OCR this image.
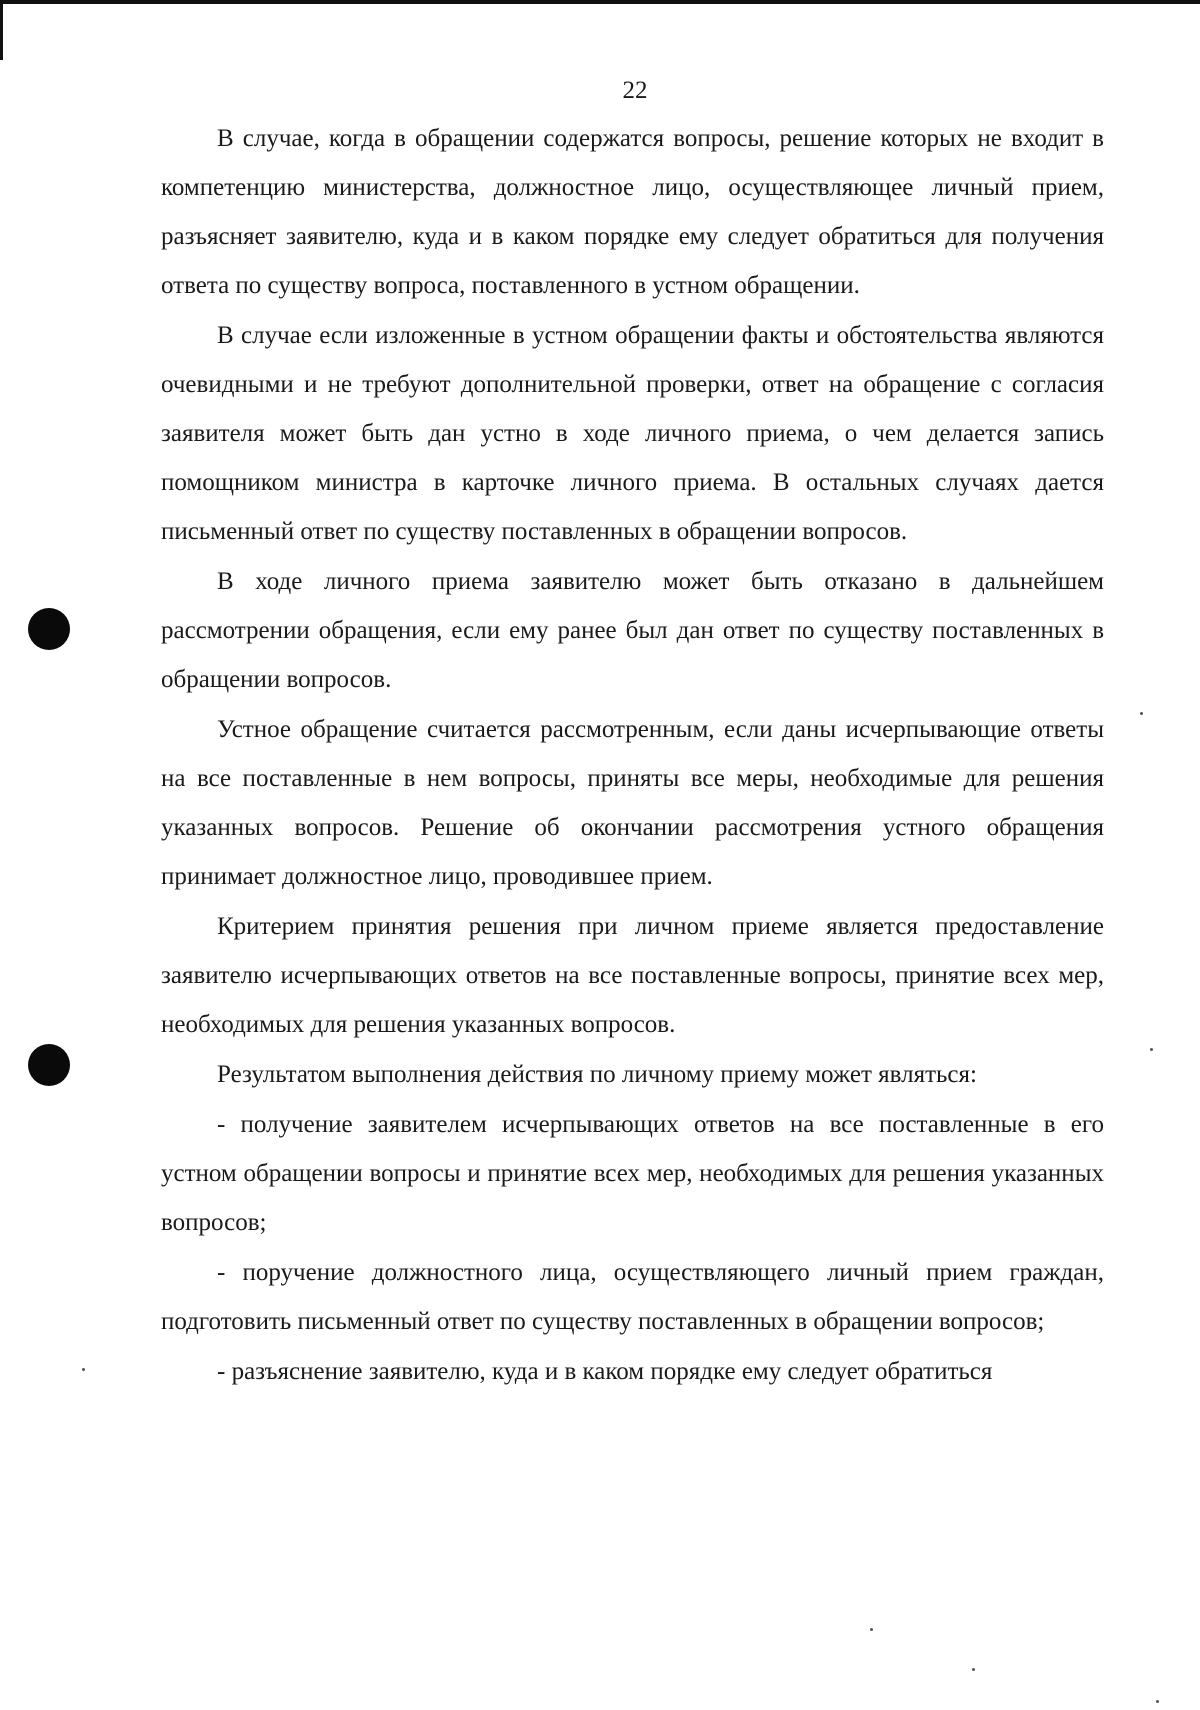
22

В случае, когда в обращении содержатся вопросы, решение которых не входит в компетенцию министерства, должностное лицо, осуществляющее личный прием, разъясняет заявителю, куда и в каком порядке ему следует обратиться для получения ответа по существу вопроса, поставленного в устном обращении.

В случае если изложенные в устном обращении факты и обстоятельства являются очевидными и не требуют дополнительной проверки, ответ на обращение с согласия заявителя может быть дан устно в ходе личного приема, о чем делается запись помощником министра в карточке личного приема. В остальных случаях дается письменный ответ по существу поставленных в обращении вопросов.

В ходе личного приема заявителю может быть отказано в дальнейшем рассмотрении обращения, если ему ранее был дан ответ по существу поставленных в обращении вопросов.

Устное обращение считается рассмотренным, если даны исчерпывающие ответы на все поставленные в нем вопросы, приняты все меры, необходимые для решения указанных вопросов. Решение об окончании рассмотрения устного обращения принимает должностное лицо, проводившее прием.

Критерием принятия решения при личном приеме является предоставление заявителю исчерпывающих ответов на все поставленные вопросы, принятие всех мер, необходимых для решения указанных вопросов.

Результатом выполнения действия по личному приему может являться:

- получение заявителем исчерпывающих ответов на все поставленные в его устном обращении вопросы и принятие всех мер, необходимых для решения указанных вопросов;

- поручение должностного лица, осуществляющего личный прием граждан, подготовить письменный ответ по существу поставленных в обращении вопросов;

- разъяснение заявителю, куда и в каком порядке ему следует обратиться
